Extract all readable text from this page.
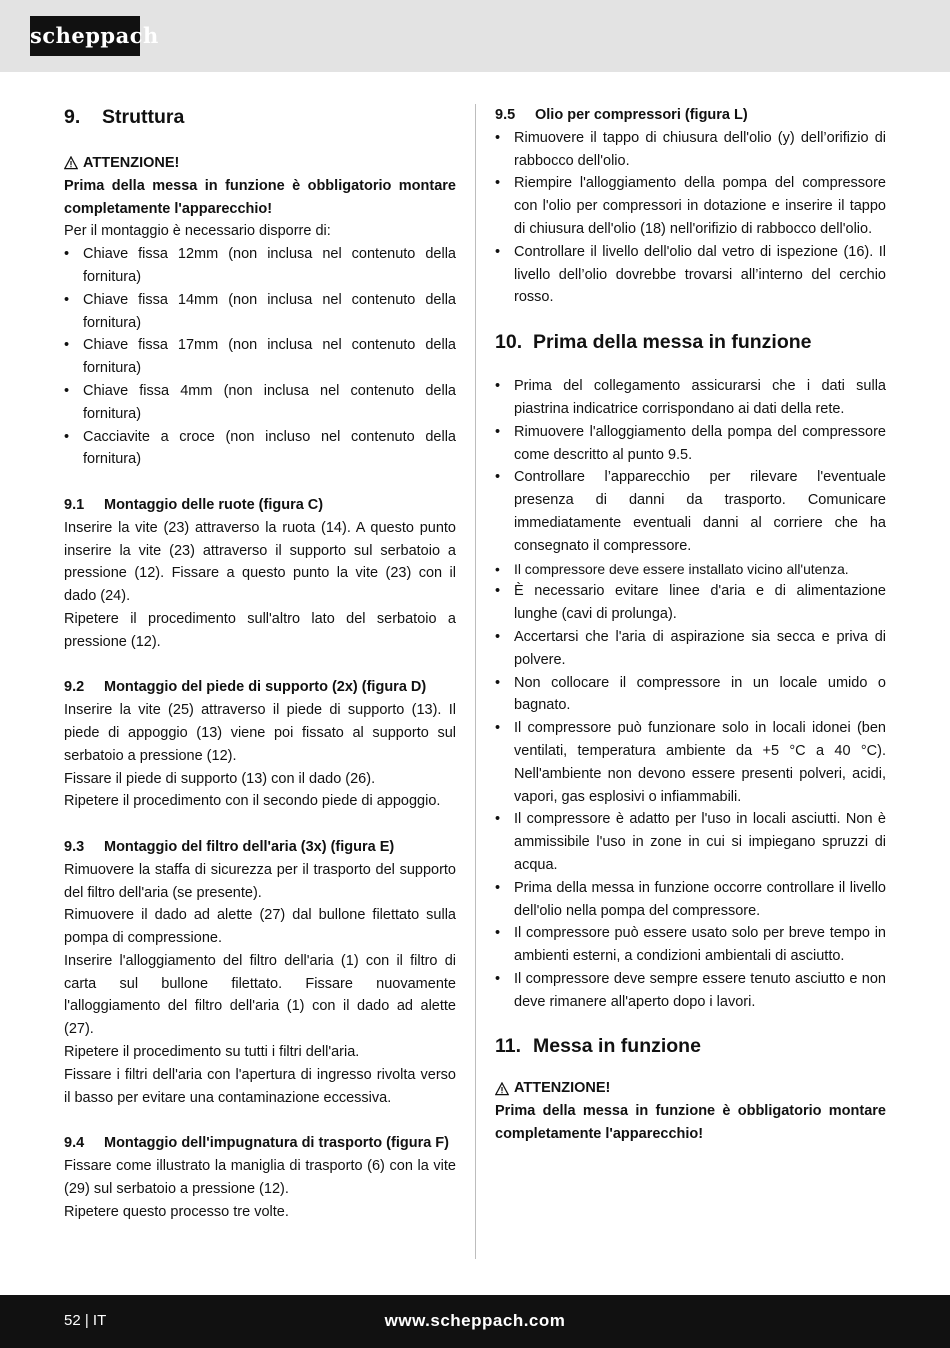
scheppach
9.	Struttura
ATTENZIONE!

Prima della messa in funzione è obbligatorio montare completamente l'apparecchio!

Per il montaggio è necessario disporre di:

• Chiave fissa 12mm (non inclusa nel contenuto della fornitura)
• Chiave fissa 14mm (non inclusa nel contenuto della fornitura)
• Chiave fissa 17mm (non inclusa nel contenuto della fornitura)
• Chiave fissa 4mm (non inclusa nel contenuto della fornitura)
• Cacciavite a croce (non incluso nel contenuto della fornitura)
9.1	Montaggio delle ruote (figura C)

Inserire la vite (23) attraverso la ruota (14). A questo punto inserire la vite (23) attraverso il supporto sul serbatoio a pressione (12). Fissare a questo punto la vite (23) con il dado (24).

Ripetere il procedimento sull'altro lato del serbatoio a pressione (12).

9.2	Montaggio del piede di supporto (2x) (figura D)

Inserire la vite (25) attraverso il piede di supporto (13). Il piede di appoggio (13) viene poi fissato al supporto sul serbatoio a pressione (12).

Fissare il piede di supporto (13) con il dado (26).

Ripetere il procedimento con il secondo piede di appoggio.

9.3	Montaggio del filtro dell'aria (3x) (figura E)

Rimuovere la staffa di sicurezza per il trasporto del supporto del filtro dell'aria (se presente).

Rimuovere il dado ad alette (27) dal bullone filettato sulla pompa di compressione.

Inserire l'alloggiamento del filtro dell'aria (1) con il filtro di carta sul bullone filettato. Fissare nuovamente l'alloggiamento del filtro dell'aria (1) con il dado ad alette (27).

Ripetere il procedimento su tutti i filtri dell'aria.

Fissare i filtri dell'aria con l'apertura di ingresso rivolta verso il basso per evitare una contaminazione eccessiva.

9.4	Montaggio dell'impugnatura di trasporto (figura F)

Fissare come illustrato la maniglia di trasporto (6) con la vite (29) sul serbatoio a pressione (12).

Ripetere questo processo tre volte.

9.5	Olio per compressori (figura L)
• Rimuovere il tappo di chiusura dell'olio (y) dell’orifizio di rabbocco dell'olio.
• Riempire l'alloggiamento della pompa del compressore con l'olio per compressori in dotazione e inserire il tappo di chiusura dell'olio (18) nell'orifizio di rabbocco dell'olio.
• Controllare il livello dell'olio dal vetro di ispezione (16). Il livello dell’olio dovrebbe trovarsi all’interno del cerchio rosso.
10. Prima della messa in funzione
• Prima del collegamento assicurarsi che i dati sulla piastrina indicatrice corrispondano ai dati della rete.
• Rimuovere l'alloggiamento della pompa del compressore come descritto al punto 9.5.
• Controllare l’apparecchio per rilevare l'eventuale presenza di danni da trasporto. Comunicare immediatamente eventuali danni al corriere che ha consegnato il compressore.
• Il compressore deve essere installato vicino all'utenza.
• È necessario evitare linee d'aria e di alimentazione lunghe (cavi di prolunga).
• Accertarsi che l'aria di aspirazione sia secca e priva di polvere.
• Non collocare il compressore in un locale umido o bagnato.
• Il compressore può funzionare solo in locali idonei (ben ventilati, temperatura ambiente da +5 °C a 40 °C). Nell'ambiente non devono essere presenti polveri, acidi, vapori, gas esplosivi o infiammabili.
• Il compressore è adatto per l'uso in locali asciutti. Non è ammissibile l'uso in zone in cui si impiegano spruzzi di acqua.
• Prima della messa in funzione occorre controllare il livello dell'olio nella pompa del compressore.
• Il compressore può essere usato solo per breve tempo in ambienti esterni, a condizioni ambientali di asciutto.
• Il compressore deve sempre essere tenuto asciutto e non deve rimanere all'aperto dopo i lavori.
11. Messa in funzione
ATTENZIONE!

Prima della messa in funzione è obbligatorio montare completamente l'apparecchio!

52 | IT	www.scheppach.com
